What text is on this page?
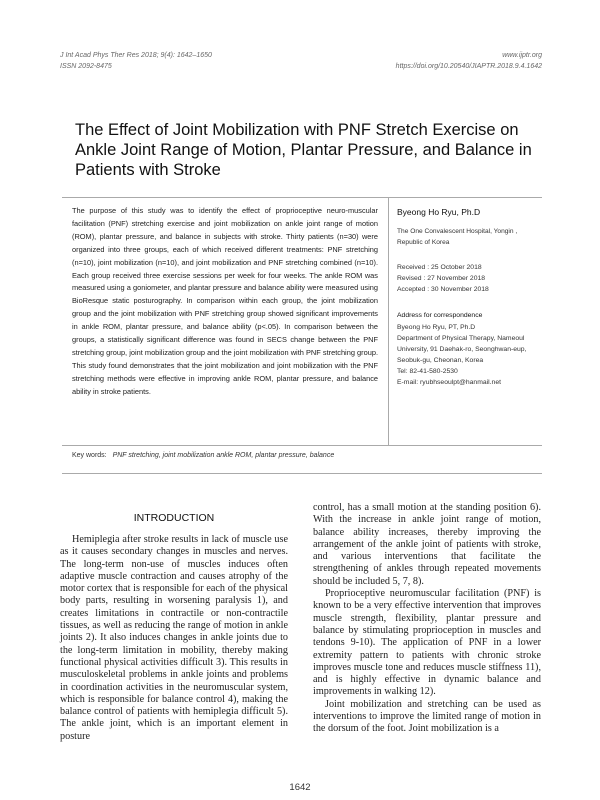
J Int Acad Phys Ther Res 2018; 9(4): 1642–1650
ISSN 2092-8475
www.ijptr.org
https://doi.org/10.20540/JIAPTR.2018.9.4.1642
The Effect of Joint Mobilization with PNF Stretch Exercise on Ankle Joint Range of Motion, Plantar Pressure, and Balance in Patients with Stroke
The purpose of this study was to identify the effect of proprioceptive neuro-muscular facilitation (PNF) stretching exercise and joint mobilization on ankle joint range of motion (ROM), plantar pressure, and balance in subjects with stroke. Thirty patients (n=30) were organized into three groups, each of which received different treatments: PNF stretching (n=10), joint mobilization (n=10), and joint mobilization and PNF stretching combined (n=10). Each group received three exercise sessions per week for four weeks. The ankle ROM was measured using a goniometer, and plantar pressure and balance ability were measured using BioResque static posturography. In comparison within each group, the joint mobilization group and the joint mobilization with PNF stretching group showed significant improvements in ankle ROM, plantar pressure, and balance ability (p<.05). In comparison between the groups, a statistically significant difference was found in SECS change between the PNF stretching group, joint mobilization group and the joint mobilization with PNF stretching group. This study found demonstrates that the joint mobilization and joint mobilization with the PNF stretching methods were effective in improving ankle ROM, plantar pressure, and balance ability in stroke patients.
Byeong Ho Ryu, Ph.D
The One Convalescent Hospital, Yongin , Republic of Korea
Received : 25 October 2018
Revised : 27 November 2018
Accepted : 30 November 2018
Address for correspondence
Byeong Ho Ryu, PT, Ph.D
Department of Physical Therapy, Nameoul University, 91 Daehak-ro, Seonghwan-eup, Seobuk-gu, Cheonan, Korea
Tel: 82-41-580-2530
E-mail: ryubhseoulpt@hanmail.net
Key words: PNF stretching, joint mobilization ankle ROM, plantar pressure, balance
INTRODUCTION
Hemiplegia after stroke results in lack of muscle use as it causes secondary changes in muscles and nerves. The long-term non-use of muscles induces often adaptive muscle contraction and causes atrophy of the motor cortex that is responsible for each of the physical body parts, resulting in worsening paralysis 1), and creates limitations in contractile or non-contractile tissues, as well as reducing the range of motion in ankle joints 2). It also induces changes in ankle joints due to the long-term limitation in mobility, thereby making functional physical activities difficult 3). This results in musculoskeletal problems in ankle joints and problems in coordination activities in the neuromuscular system, which is responsible for balance control 4), making the balance control of patients with hemiplegia difficult 5). The ankle joint, which is an important element in posture

control, has a small motion at the standing position 6). With the increase in ankle joint range of motion, balance ability increases, thereby improving the arrangement of the ankle joint of patients with stroke, and various interventions that facilitate the strengthening of ankles through repeated movements should be included 5, 7, 8).

Proprioceptive neuromuscular facilitation (PNF) is known to be a very effective intervention that improves muscle strength, flexibility, plantar pressure and balance by stimulating proprioception in muscles and tendons 9-10). The application of PNF in a lower extremity pattern to patients with chronic stroke improves muscle tone and reduces muscle stiffness 11), and is highly effective in dynamic balance and improvements in walking 12).

Joint mobilization and stretching can be used as interventions to improve the limited range of motion in the dorsum of the foot. Joint mobilization is a

1642
